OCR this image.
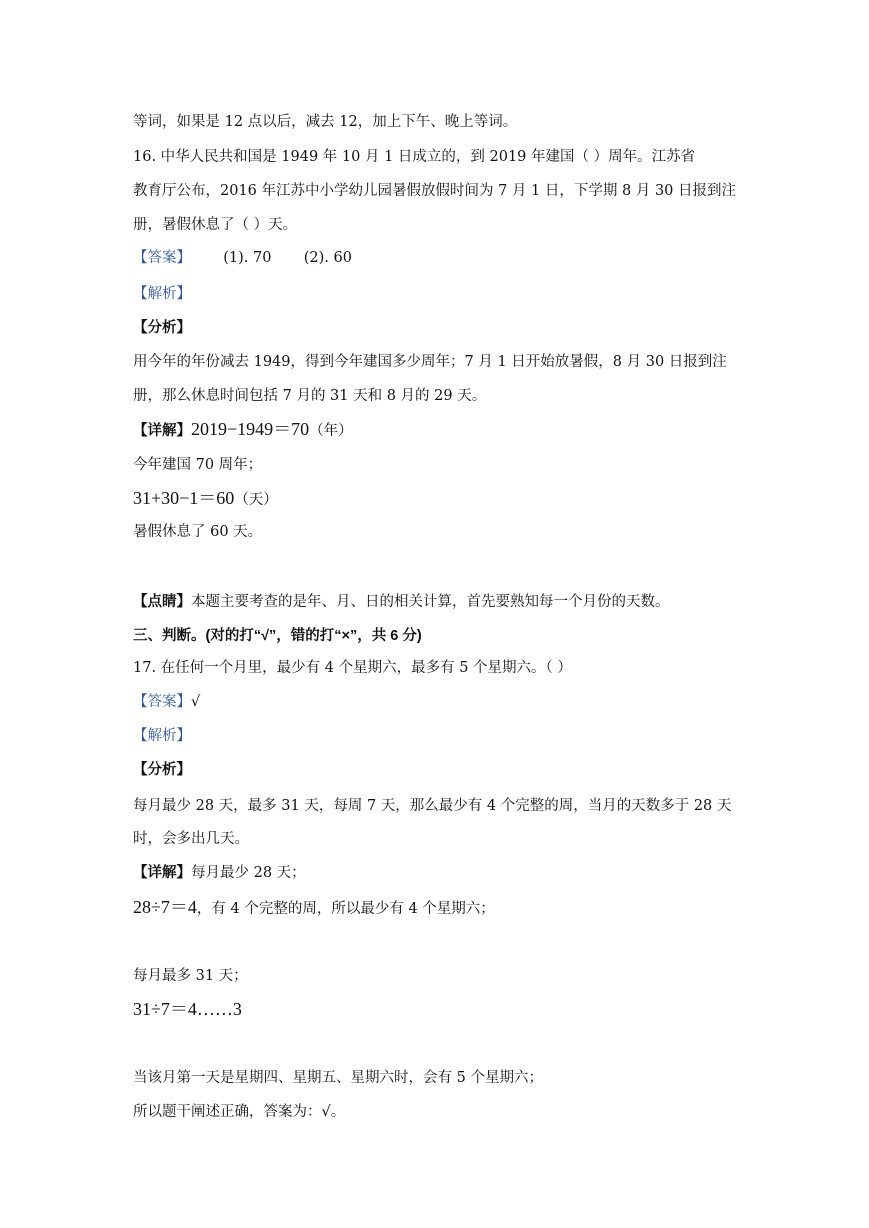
等词，如果是 12 点以后，减去 12，加上下午、晚上等词。
16. 中华人民共和国是 1949 年 10 月 1 日成立的，到 2019 年建国（ ）周年。江苏省
教育厅公布，2016 年江苏中小学幼儿园暑假放假时间为 7 月 1 日，下学期 8 月 30 日报到注
册，暑假休息了（ ）天。
【答案】       (1). 70       (2). 60
【解析】
【分析】
用今年的年份减去 1949，得到今年建国多少周年；7 月 1 日开始放暑假，8 月 30 日报到注
册，那么休息时间包括 7 月的 31 天和 8 月的 29 天。
【详解】2019−1949＝70（年）
今年建国 70 周年；
31+30−1＝60（天）
暑假休息了 60 天。
【点睛】本题主要考查的是年、月、日的相关计算，首先要熟知每一个月份的天数。
三、判断。(对的打“√”，错的打“×”，共 6 分)
17. 在任何一个月里，最少有 4 个星期六，最多有 5 个星期六。（ ）
【答案】√
【解析】
【分析】
每月最少 28 天，最多 31 天，每周 7 天，那么最少有 4 个完整的周，当月的天数多于 28 天
时，会多出几天。
【详解】每月最少 28 天；
28÷7＝4，有 4 个完整的周，所以最少有 4 个星期六；
每月最多 31 天；
31÷7＝4……3
当该月第一天是星期四、星期五、星期六时，会有 5 个星期六；
所以题干阐述正确，答案为：√。
